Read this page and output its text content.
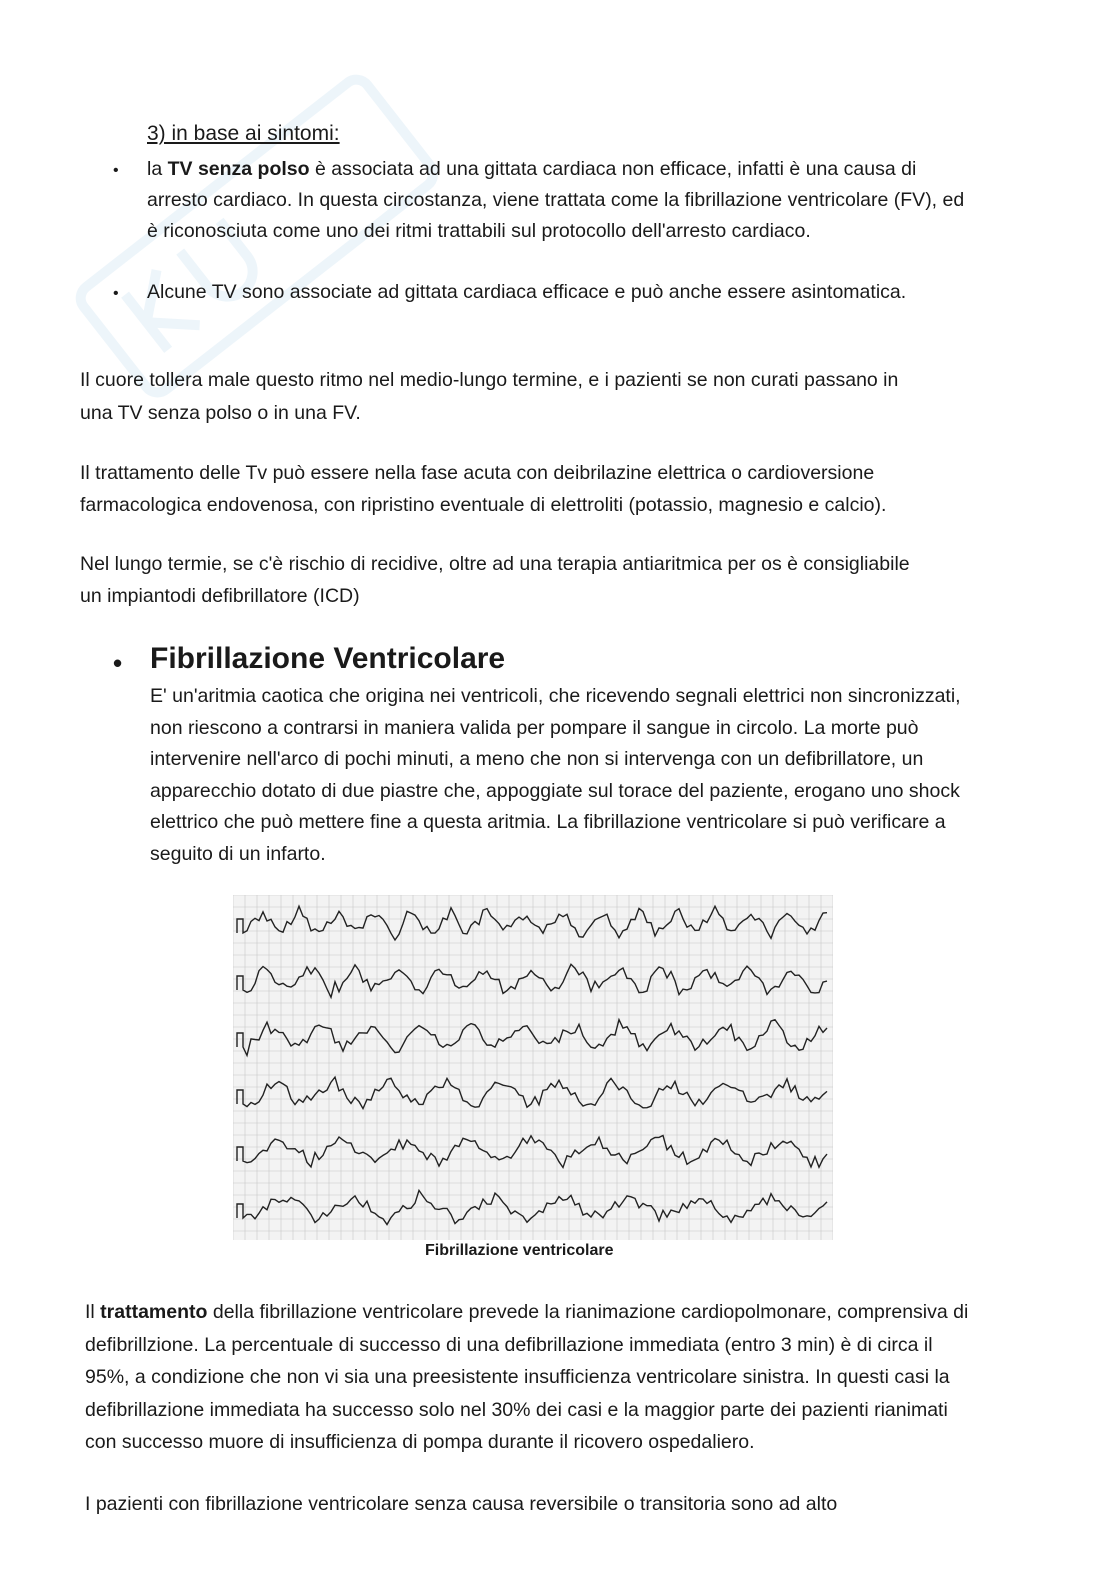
3) in base ai sintomi:
• la TV senza polso è associata ad una gittata cardiaca non efficace, infatti è una causa di arresto cardiaco. In questa circostanza, viene trattata come la fibrillazione ventricolare (FV), ed è riconosciuta come uno dei ritmi trattabili sul protocollo dell'arresto cardiaco.
• Alcune TV sono associate ad gittata cardiaca efficace e può anche essere asintomatica.
Il cuore tollera male questo ritmo nel medio-lungo termine, e i pazienti se non curati passano in una TV senza polso o in una FV.
Il trattamento delle Tv può essere nella fase acuta con deibrilazine elettrica o cardioversione farmacologica endovenosa, con ripristino eventuale di elettroliti (potassio, magnesio e calcio).
Nel lungo termie, se c'è rischio di recidive, oltre ad una terapia antiaritmica per os è consigliabile un impiantodi defibrillatore (ICD)
• Fibrillazione Ventricolare
E' un'aritmia caotica che origina nei ventricoli, che ricevendo segnali elettrici non sincronizzati, non riescono a contrarsi in maniera valida per pompare il sangue in circolo. La morte può intervenire nell'arco di pochi minuti, a meno che non si intervenga con un defibrillatore, un apparecchio dotato di due piastre che, appoggiate sul torace del paziente, erogano uno shock elettrico che può mettere fine a questa aritmia. La fibrillazione ventricolare si può verificare a seguito di un infarto.
Fibrillazione ventricolare
Il trattamento della fibrillazione ventricolare prevede la rianimazione cardiopolmonare, comprensiva di defibrillzione. La percentuale di successo di una defibrillazione immediata (entro 3 min) è di circa il 95%, a condizione che non vi sia una preesistente insufficienza ventricolare sinistra. In questi casi la defibrillazione immediata ha successo solo nel 30% dei casi e la maggior parte dei pazienti rianimati con successo muore di insufficienza di pompa durante il ricovero ospedaliero.
I pazienti con fibrillazione ventricolare senza causa reversibile o transitoria sono ad alto
